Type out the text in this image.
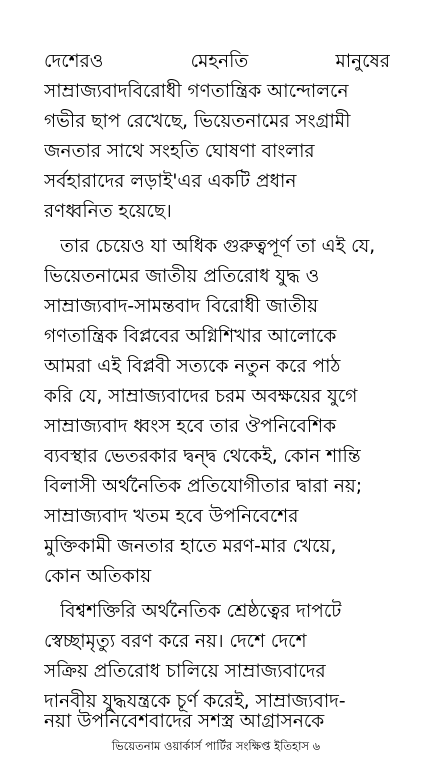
দেশেরও	মেহনতি	মানুষের
সাম্রাজ্যবাদবিরোধী গণতান্ত্রিক আন্দোলনে
গভীর ছাপ রেখেছে, ভিয়েতনামের সংগ্রামী
জনতার সাথে সংহতি ঘোষণা বাংলার
সর্বহারাদের লড়াই'এর একটি প্রধান
রণধ্বনিত হয়েছে।
তার চেয়েও যা অধিক গুরুত্বপূর্ণ তা এই যে,
ভিয়েতনামের জাতীয় প্রতিরোধ যুদ্ধ ও
সাম্রাজ্যবাদ-সামন্তবাদ বিরোধী জাতীয়
গণতান্ত্রিক বিপ্লবের অগ্নিশিখার আলোকে
আমরা এই বিপ্লবী সত্যকে নতুন করে পাঠ
করি যে, সাম্রাজ্যবাদের চরম অবক্ষয়ের যুগে
সাম্রাজ্যবাদ ধ্বংস হবে তার ঔপনিবেশিক
ব্যবস্থার ভেতরকার দ্বন্দ্ব থেকেই, কোন শান্তি
বিলাসী অর্থনৈতিক প্রতিযোগীতার দ্বারা নয়;
সাম্রাজ্যবাদ খতম হবে উপনিবেশের
মুক্তিকামী জনতার হাতে মরণ-মার খেয়ে,
কোন অতিকায়
বিশ্বশক্তিরি অর্থনৈতিক শ্রেষ্ঠত্বের দাপটে
স্বেচ্ছামৃত্যু বরণ করে নয়। দেশে দেশে
সক্রিয় প্রতিরোধ চালিয়ে সাম্রাজ্যবাদের
দানবীয় যুদ্ধযন্ত্রকে চূর্ণ করেই, সাম্রাজ্যবাদ-
নয়া উপনিবেশবাদের সশস্ত্র আগ্রাসনকে
ভিয়েতনাম ওয়ার্কার্স পার্টির সংক্ষিপ্ত ইতিহাস ৬
